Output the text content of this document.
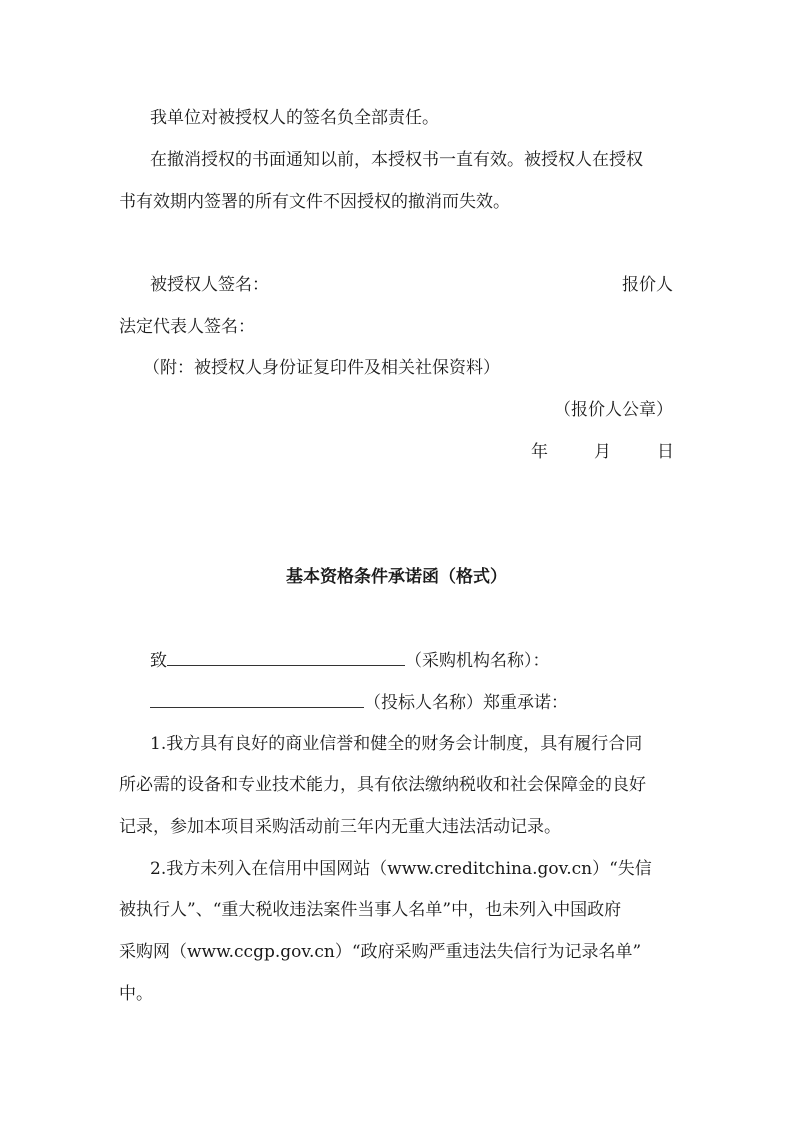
我单位对被授权人的签名负全部责任。
在撤消授权的书面通知以前，本授权书一直有效。被授权人在授权
书有效期内签署的所有文件不因授权的撤消而失效。
被授权人签名：	报价人
法定代表人签名：
（附：被授权人身份证复印件及相关社保资料）
（报价人公章）
年	月	日
基本资格条件承诺函（格式）
致	（采购机构名称）：
（投标人名称）郑重承诺：
1.我方具有良好的商业信誉和健全的财务会计制度，具有履行合同
所必需的设备和专业技术能力，具有依法缴纳税收和社会保障金的良好
记录，参加本项目采购活动前三年内无重大违法活动记录。
2.我方未列入在信用中国网站（www.creditchina.gov.cn）“失信
被执行人”、“重大税收违法案件当事人名单”中，也未列入中国政府
采购网（www.ccgp.gov.cn）“政府采购严重违法失信行为记录名单”
中。
